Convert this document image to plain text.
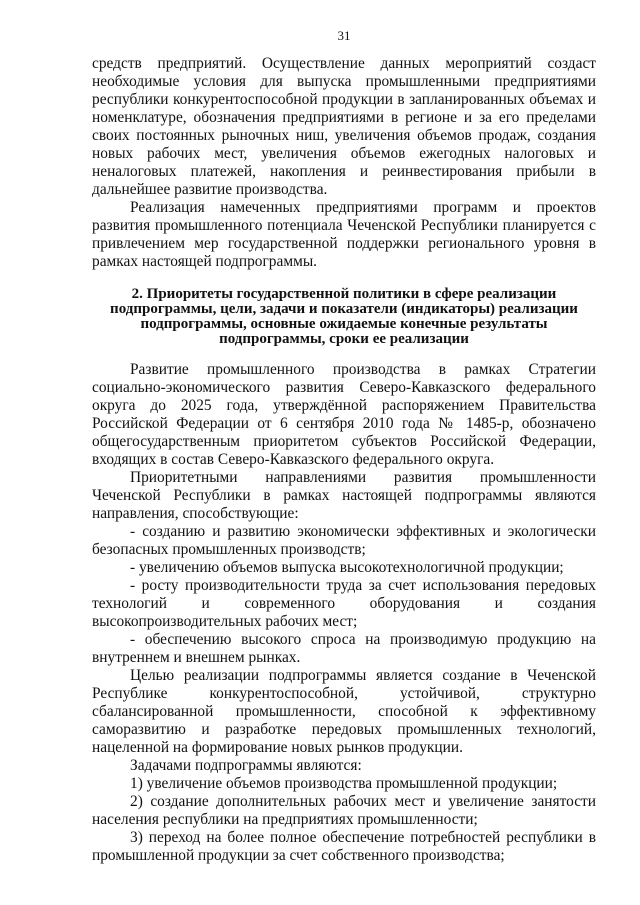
31

средств предприятий. Осуществление данных мероприятий создаст необходимые условия для выпуска промышленными предприятиями республики конкурентоспособной продукции в запланированных объемах и номенклатуре, обозначения предприятиями в регионе и за его пределами своих постоянных рыночных ниш, увеличения объемов продаж, создания новых рабочих мест, увеличения объемов ежегодных налоговых и неналоговых платежей, накопления и реинвестирования прибыли в дальнейшее развитие производства.

Реализация намеченных предприятиями программ и проектов развития промышленного потенциала Чеченской Республики планируется с привлечением мер государственной поддержки регионального уровня в рамках настоящей подпрограммы.

2. Приоритеты государственной политики в сфере реализации
подпрограммы, цели, задачи и показатели (индикаторы) реализации
подпрограммы, основные ожидаемые конечные результаты
подпрограммы, сроки ее реализации

Развитие промышленного производства в рамках Стратегии социально-экономического развития Северо-Кавказского федерального округа до 2025 года, утверждённой распоряжением Правительства Российской Федерации от 6 сентября 2010 года № 1485-р, обозначено общегосударственным приоритетом субъектов Российской Федерации, входящих в состав Северо-Кавказского федерального округа.

Приоритетными направлениями развития промышленности Чеченской Республики в рамках настоящей подпрограммы являются направления, способствующие:

- созданию и развитию экономически эффективных и экологически безопасных промышленных производств;

- увеличению объемов выпуска высокотехнологичной продукции;

- росту производительности труда за счет использования передовых технологий и современного оборудования и создания высокопроизводительных рабочих мест;

- обеспечению высокого спроса на производимую продукцию на внутреннем и внешнем рынках.

Целью реализации подпрограммы является создание в Чеченской Республике конкурентоспособной, устойчивой, структурно сбалансированной промышленности, способной к эффективному саморазвитию и разработке передовых промышленных технологий, нацеленной на формирование новых рынков продукции.

Задачами подпрограммы являются:

1) увеличение объемов производства промышленной продукции;

2) создание дополнительных рабочих мест и увеличение занятости населения республики на предприятиях промышленности;

3) переход на более полное обеспечение потребностей республики в промышленной продукции за счет собственного производства;
